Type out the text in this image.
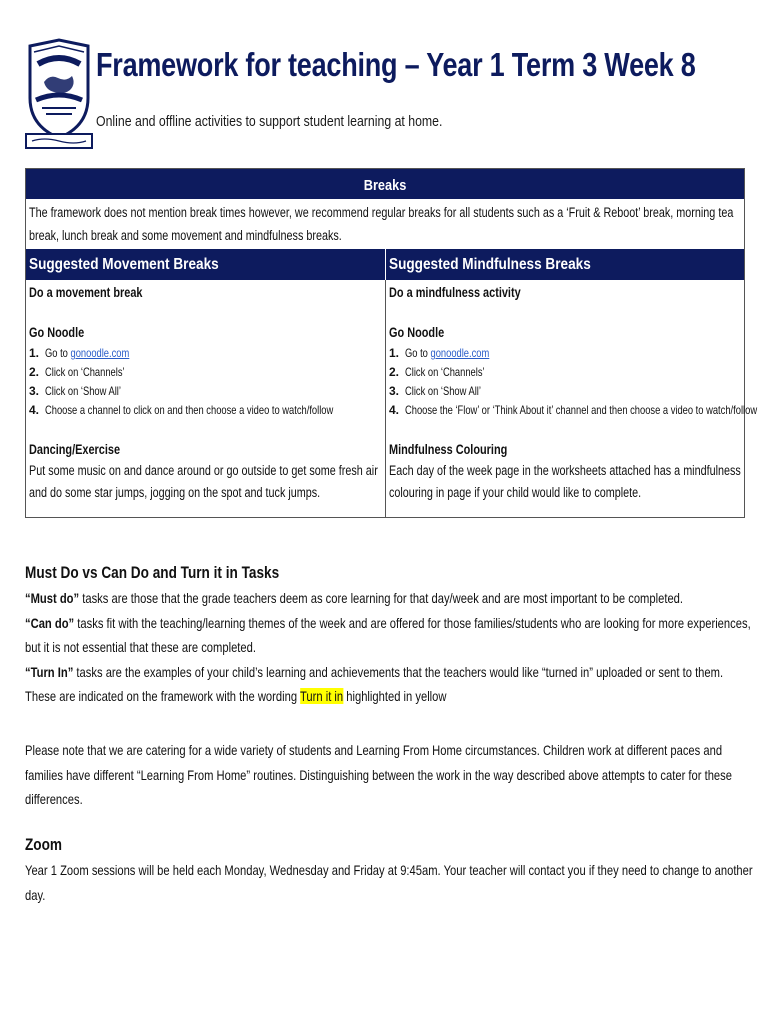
Framework for teaching – Year 1 Term 3 Week 8

Online and offline activities to support student learning at home.

Breaks
The framework does not mention break times however, we recommend regular breaks for all students such as a ‘Fruit & Reboot’ break, morning tea break, lunch break and some movement and mindfulness breaks.
Suggested Movement Breaks	Suggested Mindfulness Breaks
Do a movement break
Go Noodle
1. Go to gonoodle.com
2. Click on ‘Channels’
3. Click on ‘Show All’
4. Choose a channel to click on and then choose a video to watch/follow
Dancing/Exercise
Put some music on and dance around or go outside to get some fresh air and do some star jumps, jogging on the spot and tuck jumps.
Do a mindfulness activity
Go Noodle
1. Go to gonoodle.com
2. Click on ‘Channels’
3. Click on ‘Show All’
4. Choose the ‘Flow’ or ‘Think About it’ channel and then choose a video to watch/follow
Mindfulness Colouring
Each day of the week page in the worksheets attached has a mindfulness colouring in page if your child would like to complete.
Must Do vs Can Do and Turn it in Tasks
“Must do” tasks are those that the grade teachers deem as core learning for that day/week and are most important to be completed.
“Can do” tasks fit with the teaching/learning themes of the week and are offered for those families/students who are looking for more experiences, but it is not essential that these are completed.
“Turn In” tasks are the examples of your child’s learning and achievements that the teachers would like “turned in” uploaded or sent to them. These are indicated on the framework with the wording Turn it in highlighted in yellow
Please note that we are catering for a wide variety of students and Learning From Home circumstances. Children work at different paces and families have different “Learning From Home” routines. Distinguishing between the work in the way described above attempts to cater for these differences.
Zoom
Year 1 Zoom sessions will be held each Monday, Wednesday and Friday at 9:45am. Your teacher will contact you if they need to change to another day.
